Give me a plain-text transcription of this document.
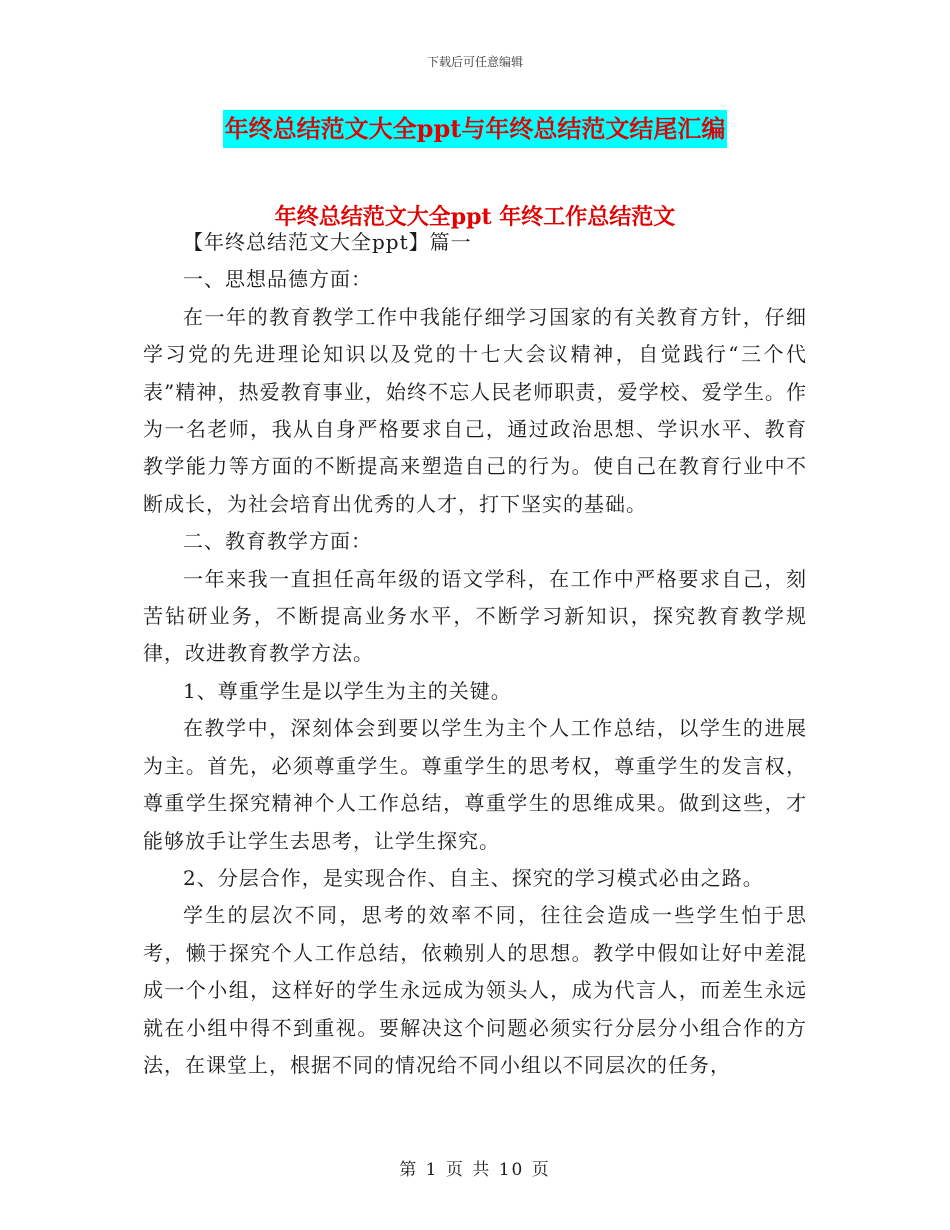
下载后可任意编辑
年终总结范文大全ppt与年终总结范文结尾汇编
年终总结范文大全ppt 年终工作总结范文

【年终总结范文大全ppt】篇一

一、思想品德方面：

在一年的教育教学工作中我能仔细学习国家的有关教育方针，仔细学习党的先进理论知识以及党的十七大会议精神，自觉践行“三个代表”精神，热爱教育事业，始终不忘人民老师职责，爱学校、爱学生。作为一名老师，我从自身严格要求自己，通过政治思想、学识水平、教育教学能力等方面的不断提高来塑造自己的行为。使自己在教育行业中不断成长，为社会培育出优秀的人才，打下坚实的基础。

二、教育教学方面：

一年来我一直担任高年级的语文学科，在工作中严格要求自己，刻苦钻研业务，不断提高业务水平，不断学习新知识，探究教育教学规律，改进教育教学方法。

1、尊重学生是以学生为主的关键。

在教学中，深刻体会到要以学生为主个人工作总结，以学生的进展为主。首先，必须尊重学生。尊重学生的思考权，尊重学生的发言权，尊重学生探究精神个人工作总结，尊重学生的思维成果。做到这些，才能够放手让学生去思考，让学生探究。

2、分层合作，是实现合作、自主、探究的学习模式必由之路。

学生的层次不同，思考的效率不同，往往会造成一些学生怕于思考，懒于探究个人工作总结，依赖别人的思想。教学中假如让好中差混成一个小组，这样好的学生永远成为领头人，成为代言人，而差生永远就在小组中得不到重视。要解决这个问题必须实行分层分小组合作的方法，在课堂上，根据不同的情况给不同小组以不同层次的任务，

第 1 页 共 10 页
